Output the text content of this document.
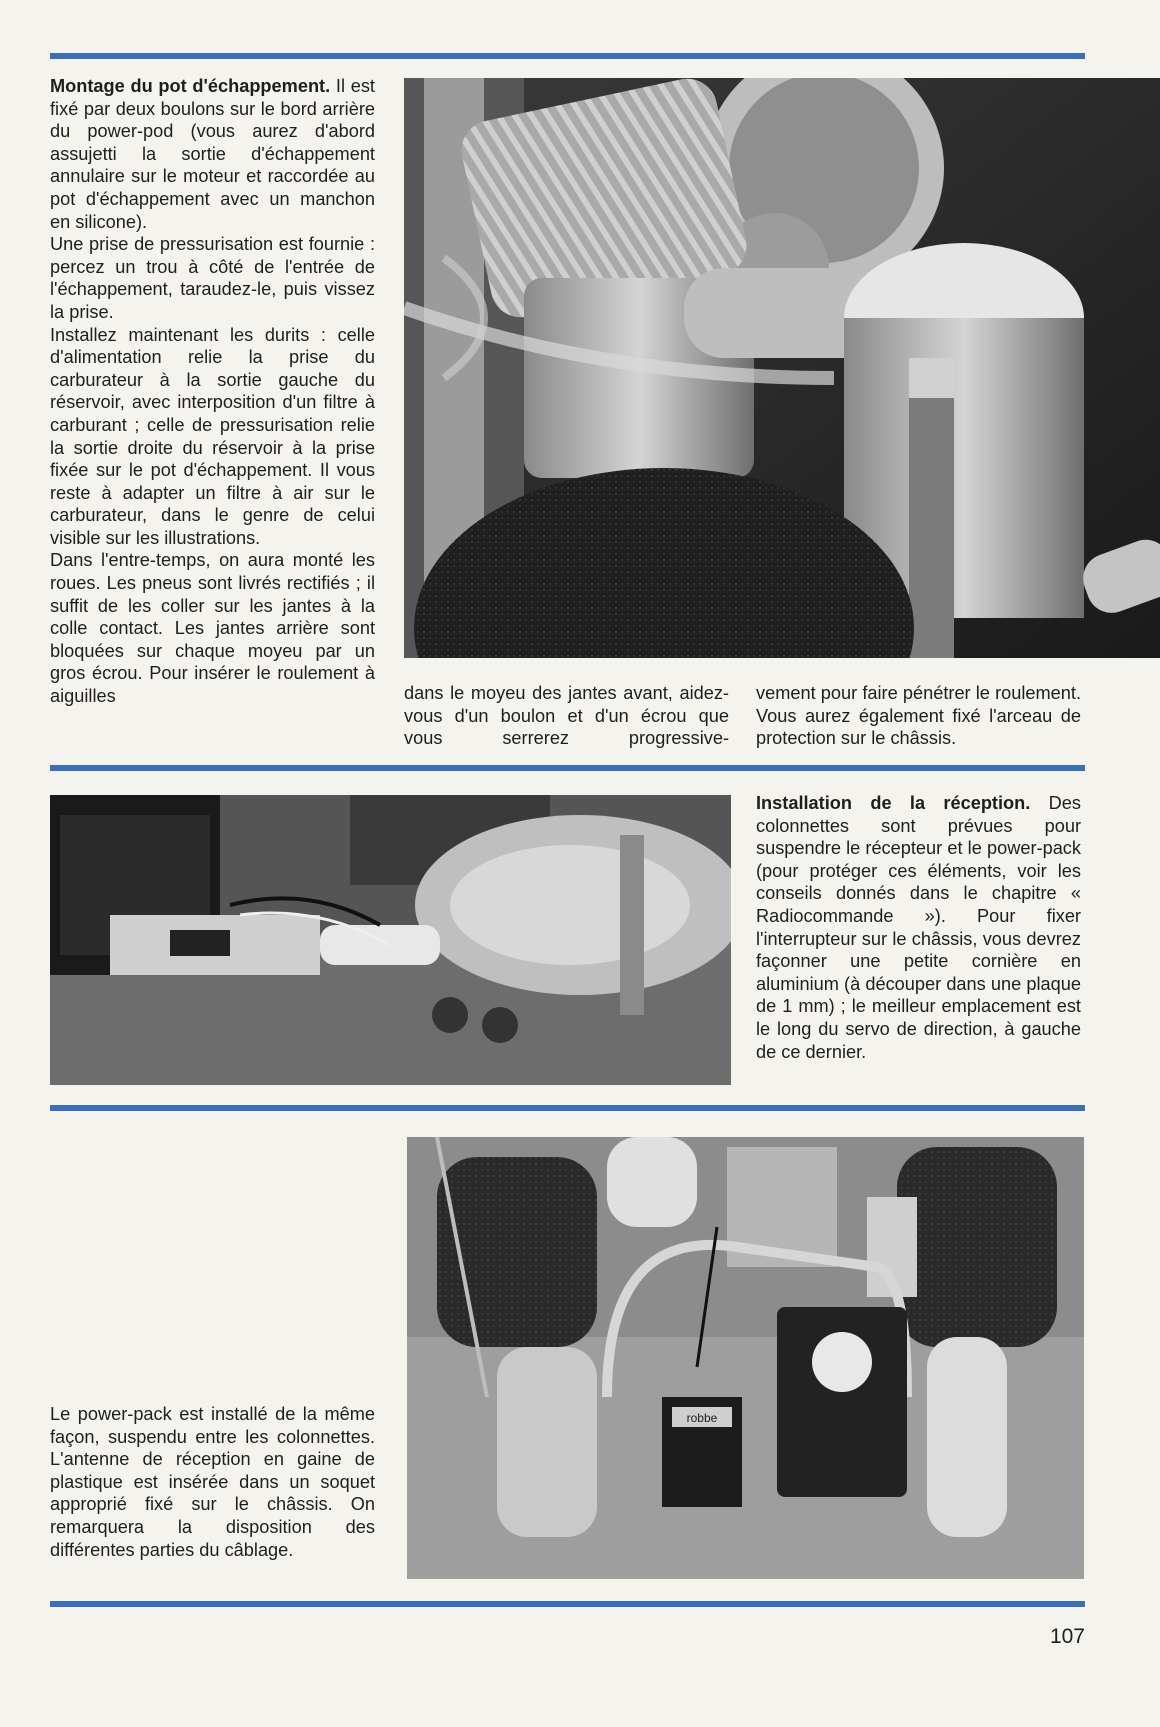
Montage du pot d'échappement. Il est fixé par deux boulons sur le bord arrière du power-pod (vous aurez d'abord assujetti la sortie d'échappement annulaire sur le moteur et raccordée au pot d'échappement avec un manchon en silicone).

Une prise de pressurisation est fournie : percez un trou à côté de l'entrée de l'échappement, taraudez-le, puis vissez la prise.

Installez maintenant les durits : celle d'alimentation relie la prise du carburateur à la sortie gauche du réservoir, avec interposition d'un filtre à carburant ; celle de pressurisation relie la sortie droite du réservoir à la prise fixée sur le pot d'échappement. Il vous reste à adapter un filtre à air sur le carburateur, dans le genre de celui visible sur les illustrations.

Dans l'entre-temps, on aura monté les roues. Les pneus sont livrés rectifiés ; il suffit de les coller sur les jantes à la colle contact. Les jantes arrière sont bloquées sur chaque moyeu par un gros écrou. Pour insérer le roulement à aiguilles	dans le moyeu des jantes avant, aidez-vous d'un boulon et d'un écrou que vous serrerez progressive-

vement pour faire pénétrer le roulement. Vous aurez également fixé l'arceau de protection sur le châssis.

Installation de la réception. Des colonnettes sont prévues pour suspendre le récepteur et le power-pack (pour protéger ces éléments, voir les conseils donnés dans le chapitre « Radiocommande »). Pour fixer l'interrupteur sur le châssis, vous devrez façonner une petite cornière en aluminium (à découper dans une plaque de 1 mm) ; le meilleur emplacement est le long du servo de direction, à gauche de ce dernier.

robbe

Le power-pack est installé de la même façon, suspendu entre les colonnettes. L'antenne de réception en gaine de plastique est insérée dans un soquet approprié fixé sur le châssis. On remarquera la disposition des différentes parties du câblage.

107
